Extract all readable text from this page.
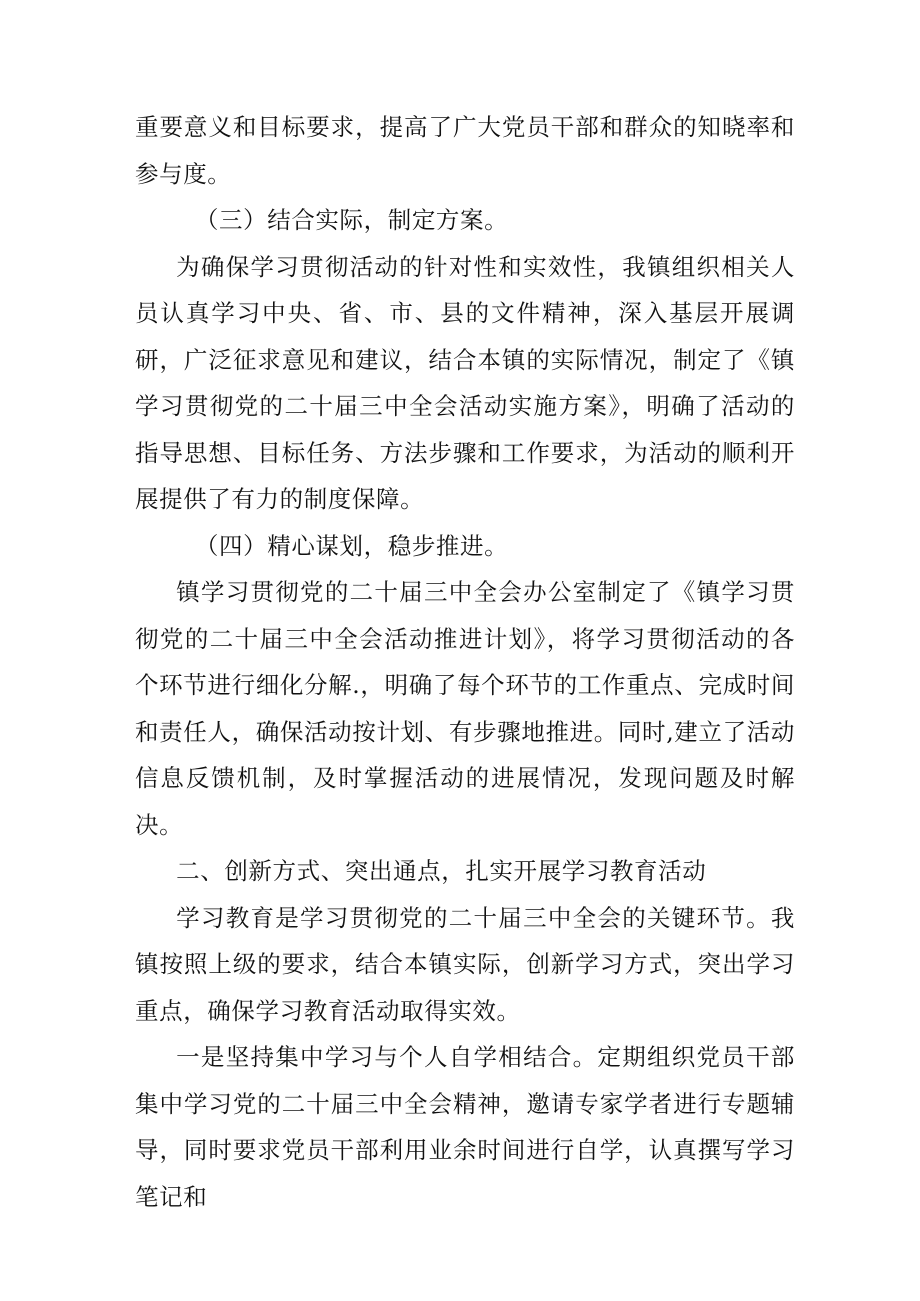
重要意义和目标要求，提高了广大党员干部和群众的知晓率和参与度。

（三）结合实际，制定方案。

为确保学习贯彻活动的针对性和实效性，我镇组织相关人员认真学习中央、省、市、县的文件精神，深入基层开展调研，广泛征求意见和建议，结合本镇的实际情况，制定了《镇学习贯彻党的二十届三中全会活动实施方案》，明确了活动的指导思想、目标任务、方法步骤和工作要求，为活动的顺利开展提供了有力的制度保障。

（四）精心谋划，稳步推进。

镇学习贯彻党的二十届三中全会办公室制定了《镇学习贯彻党的二十届三中全会活动推进计划》，将学习贯彻活动的各个环节进行细化分解.，明确了每个环节的工作重点、完成时间和责任人，确保活动按计划、有步骤地推进。同时,建立了活动信息反馈机制，及时掌握活动的进展情况，发现问题及时解决。

二、创新方式、突出通点，扎实开展学习教育活动

学习教育是学习贯彻党的二十届三中全会的关键环节。我镇按照上级的要求，结合本镇实际，创新学习方式，突出学习重点，确保学习教育活动取得实效。

一是坚持集中学习与个人自学相结合。定期组织党员干部集中学习党的二十届三中全会精神，邀请专家学者进行专题辅导，同时要求党员干部利用业余时间进行自学，认真撰写学习笔记和
